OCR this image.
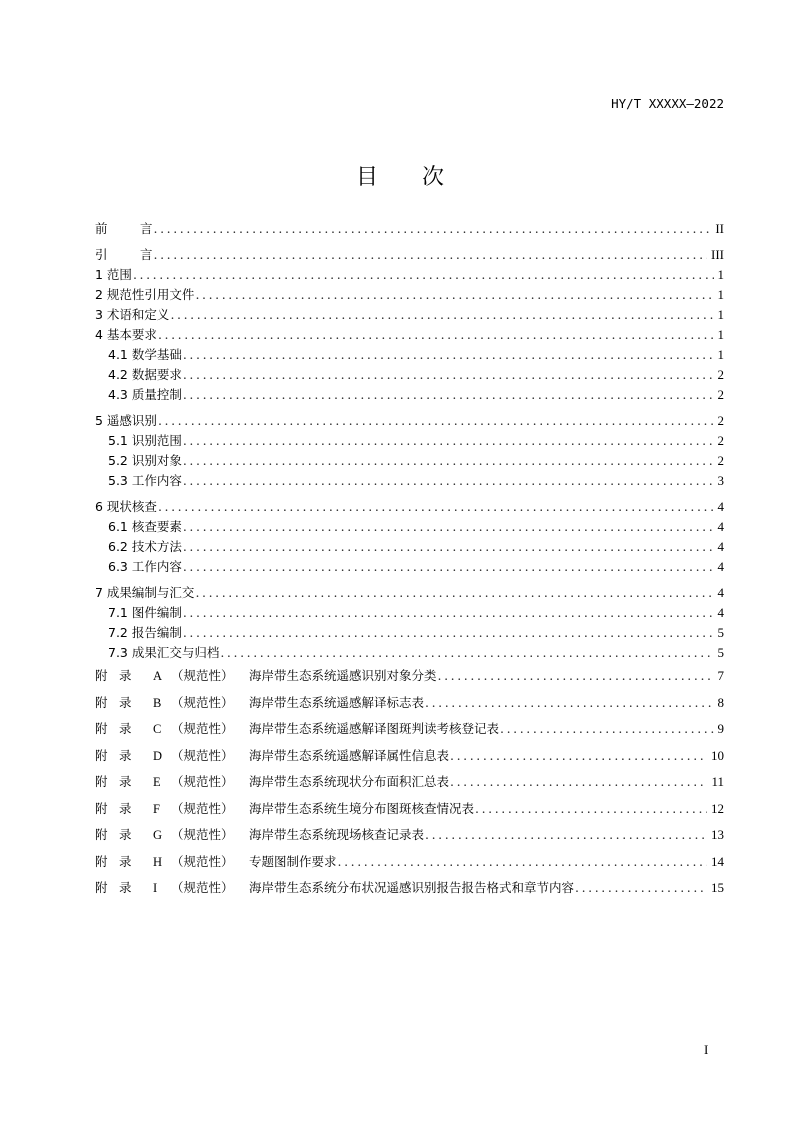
HY/T XXXXX—2022
目 次
前	言 .....	II
引	言 .....	III
1 范围 .....	1
2 规范性引用文件 .....	1
3 术语和定义 .....	1
4 基本要求 .....	1
4.1 数学基础 .....	1
4.2 数据要求 .....	2
4.3 质量控制 .....	2
5 遥感识别 .....	2
5.1 识别范围 .....	2
5.2 识别对象 .....	2
5.3 工作内容 .....	3
6 现状核查 .....	4
6.1 核查要素 .....	4
6.2 技术方法 .....	4
6.3 工作内容 .....	4
7 成果编制与汇交 .....	4
7.1 图件编制 .....	4
7.2 报告编制 .....	5
7.3 成果汇交与归档 .....	5
附 录 A （规范性） 海岸带生态系统遥感识别对象分类 .....	7
附 录 B （规范性） 海岸带生态系统遥感解译标志表 .....	8
附 录 C （规范性） 海岸带生态系统遥感解译图斑判读考核登记表 .....	9
附 录 D （规范性） 海岸带生态系统遥感解译属性信息表 .....	10
附 录 E （规范性） 海岸带生态系统现状分布面积汇总表 .....	11
附 录 F （规范性） 海岸带生态系统生境分布图斑核查情况表 .....	12
附 录 G （规范性） 海岸带生态系统现场核查记录表 .....	13
附 录 H （规范性） 专题图制作要求 .....	14
附 录 I （规范性） 海岸带生态系统分布状况遥感识别报告报告格式和章节内容 .....	15
I
